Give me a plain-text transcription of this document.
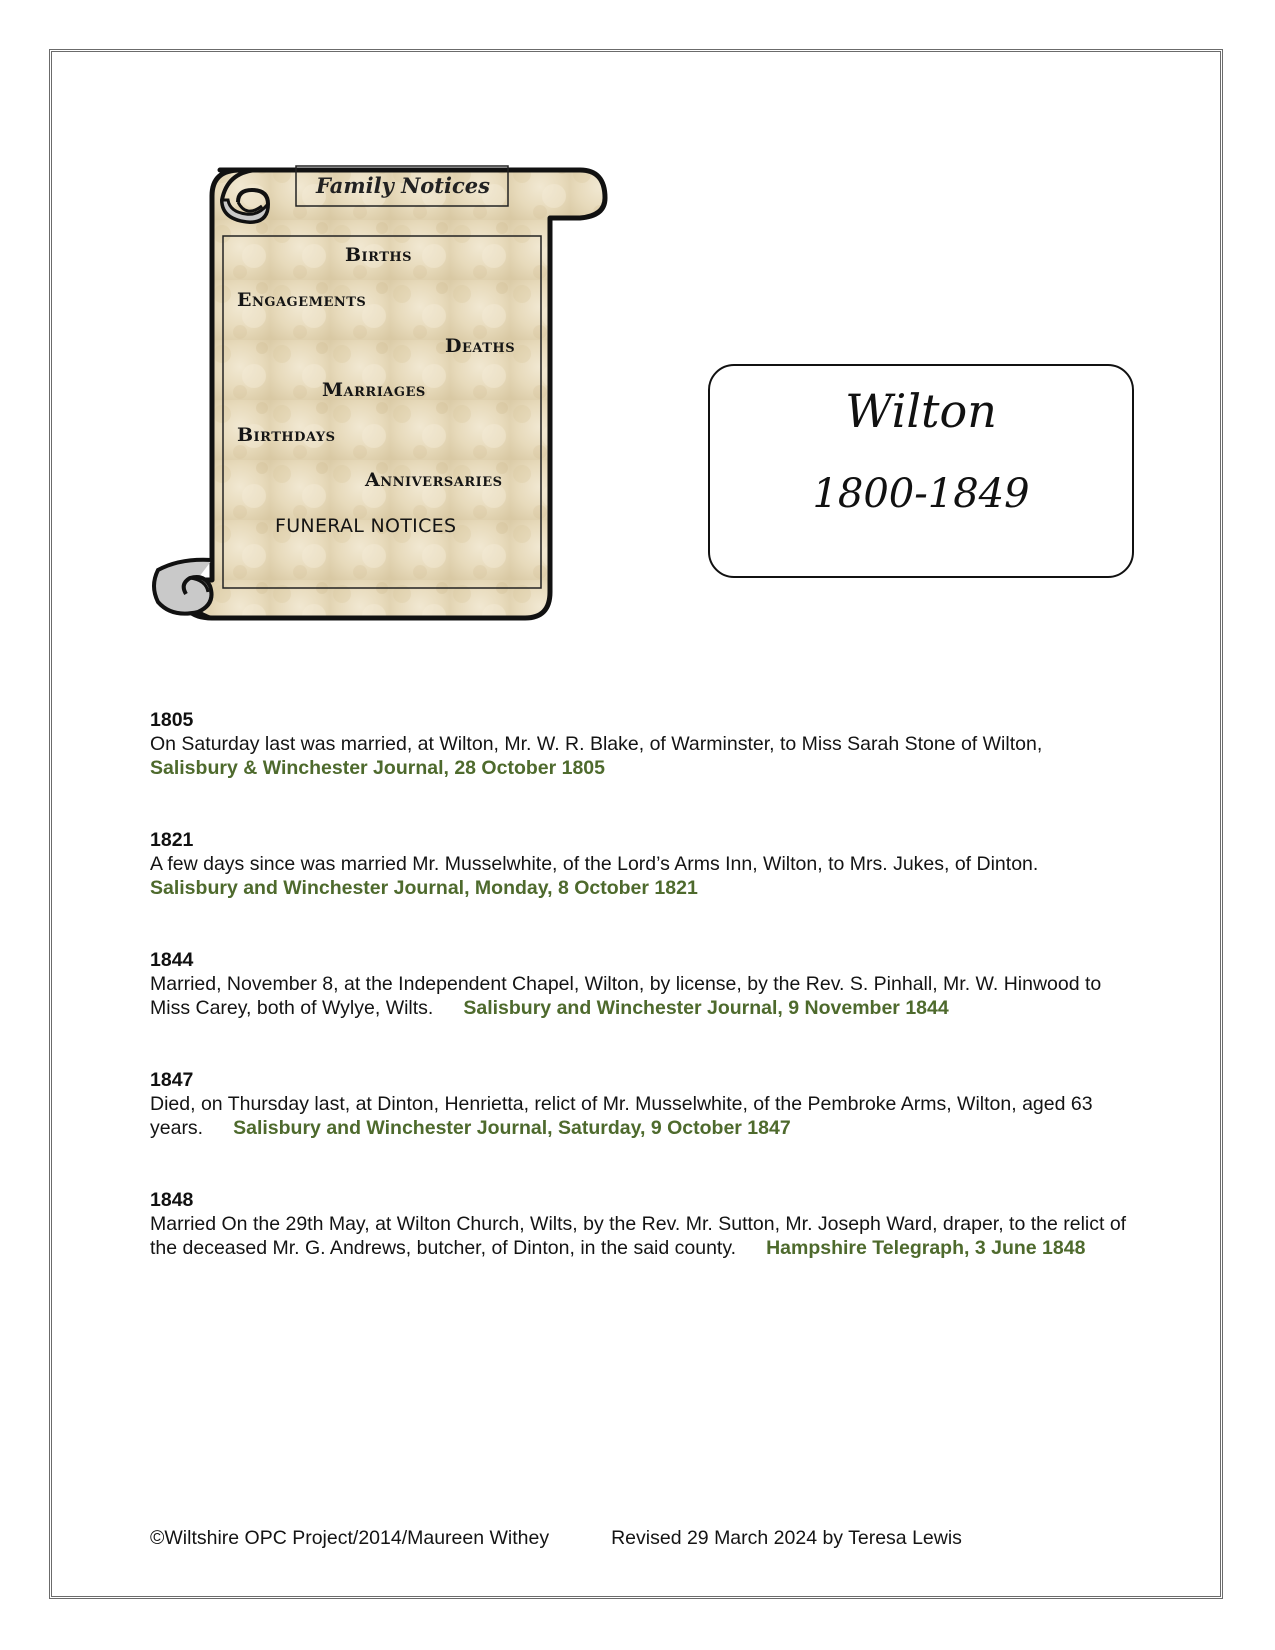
Family Notices
Births
Engagements
Deaths
Marriages
Birthdays
Anniversaries
FUNERAL NOTICES
Wilton
1800-1849

1805
On Saturday last was married, at Wilton, Mr. W. R. Blake, of Warminster, to Miss Sarah Stone of Wilton,
Salisbury & Winchester Journal, 28 October 1805

1821
A few days since was married Mr. Musselwhite, of the Lord’s Arms Inn, Wilton, to Mrs. Jukes, of Dinton.
Salisbury and Winchester Journal, Monday, 8 October 1821

1844
Married, November 8, at the Independent Chapel, Wilton, by license, by the Rev. S. Pinhall, Mr. W. Hinwood to Miss Carey, both of Wylye, Wilts. Salisbury and Winchester Journal, 9 November 1844

1847
Died, on Thursday last, at Dinton, Henrietta, relict of Mr. Musselwhite, of the Pembroke Arms, Wilton, aged 63 years. Salisbury and Winchester Journal, Saturday, 9 October 1847

1848
Married On the 29th May, at Wilton Church, Wilts, by the Rev. Mr. Sutton, Mr. Joseph Ward, draper, to the relict of the deceased Mr. G. Andrews, butcher, of Dinton, in the said county. Hampshire Telegraph, 3 June 1848

©Wiltshire OPC Project/2014/Maureen Withey	Revised 29 March 2024 by Teresa Lewis
